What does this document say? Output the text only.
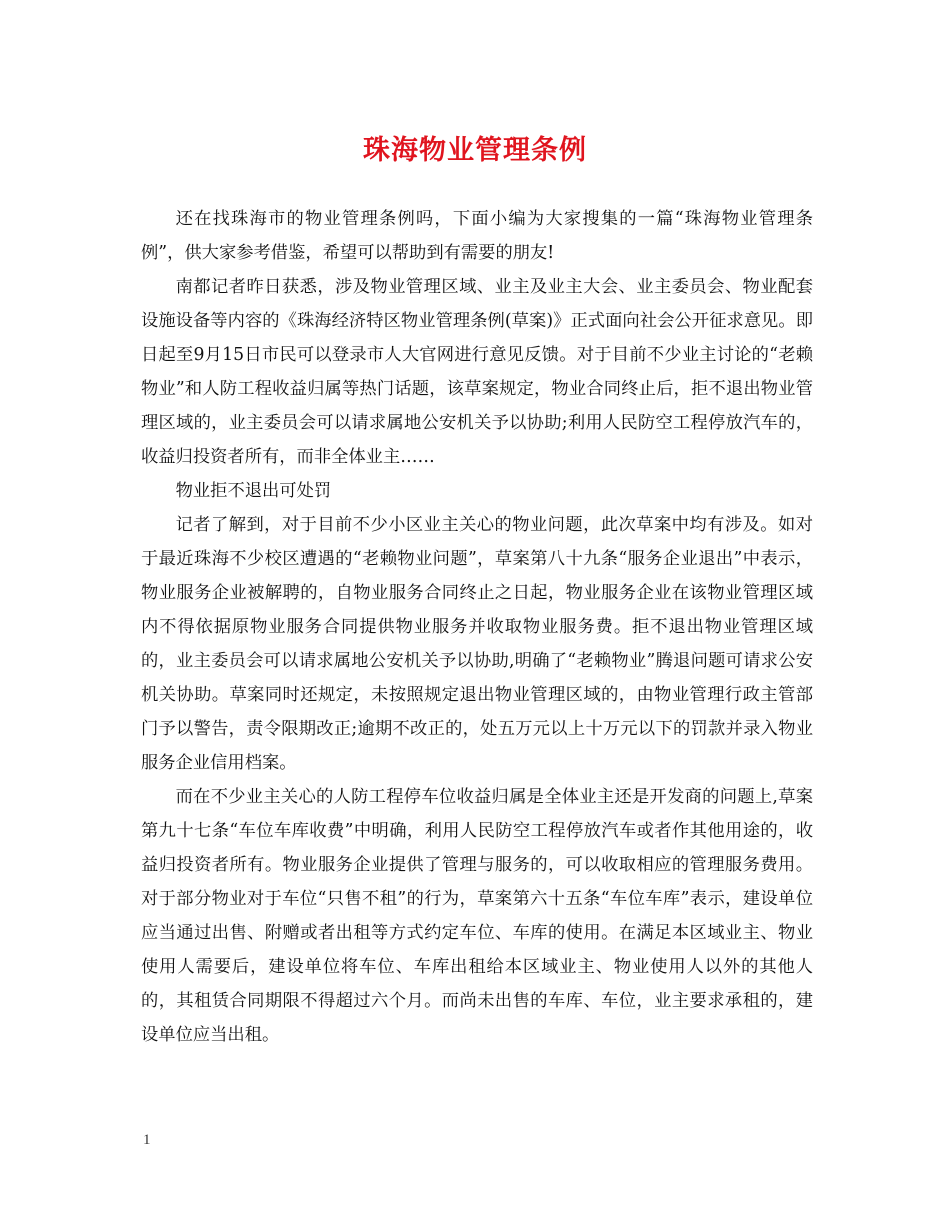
珠海物业管理条例

还在找珠海市的物业管理条例吗，下面小编为大家搜集的一篇“珠海物业管理条例”，供大家参考借鉴，希望可以帮助到有需要的朋友!

南都记者昨日获悉，涉及物业管理区域、业主及业主大会、业主委员会、物业配套设施设备等内容的《珠海经济特区物业管理条例(草案)》正式面向社会公开征求意见。即日起至9月15日市民可以登录市人大官网进行意见反馈。对于目前不少业主讨论的“老赖物业”和人防工程收益归属等热门话题，该草案规定，物业合同终止后，拒不退出物业管理区域的，业主委员会可以请求属地公安机关予以协助;利用人民防空工程停放汽车的，收益归投资者所有，而非全体业主……

物业拒不退出可处罚

记者了解到，对于目前不少小区业主关心的物业问题，此次草案中均有涉及。如对于最近珠海不少校区遭遇的“老赖物业问题”，草案第八十九条“服务企业退出”中表示，物业服务企业被解聘的，自物业服务合同终止之日起，物业服务企业在该物业管理区域内不得依据原物业服务合同提供物业服务并收取物业服务费。拒不退出物业管理区域的，业主委员会可以请求属地公安机关予以协助,明确了“老赖物业”腾退问题可请求公安机关协助。草案同时还规定，未按照规定退出物业管理区域的，由物业管理行政主管部门予以警告，责令限期改正;逾期不改正的，处五万元以上十万元以下的罚款并录入物业服务企业信用档案。

而在不少业主关心的人防工程停车位收益归属是全体业主还是开发商的问题上,草案第九十七条“车位车库收费”中明确，利用人民防空工程停放汽车或者作其他用途的，收益归投资者所有。物业服务企业提供了管理与服务的，可以收取相应的管理服务费用。对于部分物业对于车位“只售不租”的行为，草案第六十五条“车位车库”表示，建设单位应当通过出售、附赠或者出租等方式约定车位、车库的使用。在满足本区域业主、物业使用人需要后，建设单位将车位、车库出租给本区域业主、物业使用人以外的其他人的，其租赁合同期限不得超过六个月。而尚未出售的车库、车位，业主要求承租的，建设单位应当出租。

1
